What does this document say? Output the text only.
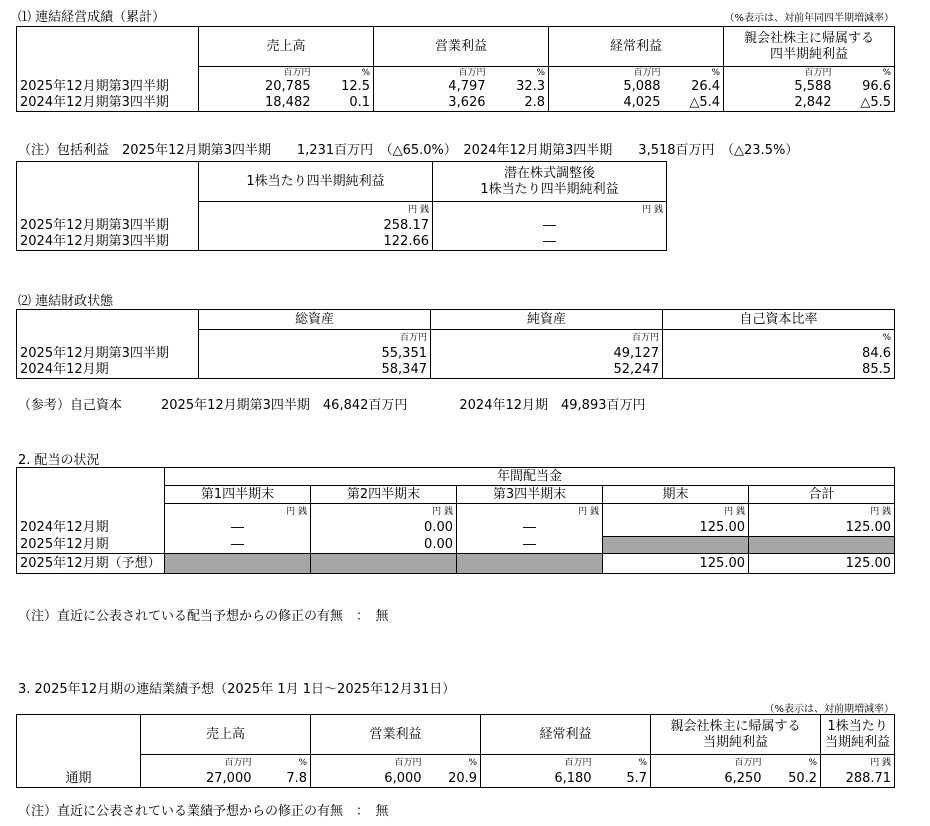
⑴ 連結経営成績（累計）	（%表示は、対前年同四半期増減率）
	売上高		営業利益		経常利益		親会社株主に帰属する
四半期純利益	
	百万円	%	百万円	%	百万円	%	百万円	%
2025年12月期第3四半期	20,785	12.5	4,797	32.3	5,088	26.4	5,588	96.6
2024年12月期第3四半期	18,482	0.1	3,626	2.8	4,025	△5.4	2,842	△5.5
（注）包括利益　2025年12月期第3四半期　　1,231百万円　（△65.0%）　2024年12月期第3四半期　　3,518百万円　（△23.5%）
	1株当たり四半期純利益	潜在株式調整後
1株当たり四半期純利益
	円 銭	円 銭
2025年12月期第3四半期	258.17	―
2024年12月期第3四半期	122.66	―
⑵ 連結財政状態
	総資産	純資産	自己資本比率
	百万円	百万円	%
2025年12月期第3四半期	55,351	49,127	84.6
2024年12月期	58,347	52,247	85.5
（参考）自己資本　　　2025年12月期第3四半期　46,842百万円　　　　2024年12月期　49,893百万円
2. 配当の状況
	年間配当金				
	第1四半期末	第2四半期末	第3四半期末	期末	合計
	円 銭	円 銭	円 銭	円 銭	円 銭
2024年12月期	―	0.00	―	125.00	125.00
2025年12月期	―	0.00	―		
2025年12月期（予想）				125.00	125.00
（注）直近に公表されている配当予想からの修正の有無　：　無
3. 2025年12月期の連結業績予想（2025年 1月 1日～2025年12月31日）
（%表示は、対前期増減率）
	売上高		営業利益		経常利益		親会社株主に帰属する
当期純利益		1株当たり
当期純利益
	百万円	%	百万円	%	百万円	%	百万円	%	円 銭
通期	27,000	7.8	6,000	20.9	6,180	5.7	6,250	50.2	288.71
（注）直近に公表されている業績予想からの修正の有無　：　無
